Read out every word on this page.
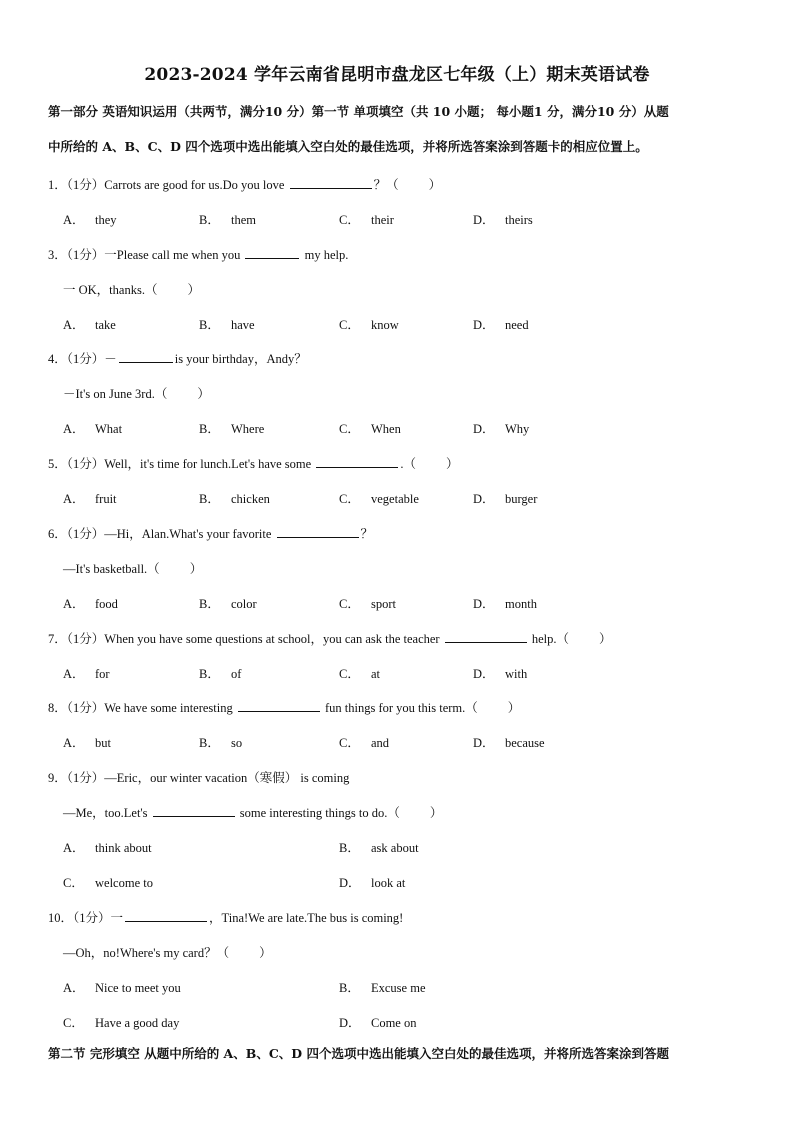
2023-2024 学年云南省昆明市盘龙区七年级（上）期末英语试卷
第一部分 英语知识运用（共两节，满分10 分）第一节 单项填空（共 10 小题； 每小题1 分，满分10 分）从题
中所给的 A、B、C、D 四个选项中选出能填入空白处的最佳选项，并将所选答案涂到答题卡的相应位置上。
1．（1分）Carrots are good for us.Do you love	？（ ）
A． they	B． them	C． their	D． theirs
3．（1分）一Please call me when you	my help.
一 OK，thanks.（ ）
A． take	B． have	C． know	D． need
4．（1分）－	is your birthday，Andy？
－It's on June 3rd.（ ）
A． What	B． Where	C． When	D． Why
5．（1分）Well，it's time for lunch.Let's have some	.（ ）
A． fruit	B． chicken	C． vegetable	D． burger
6．（1分）—Hi，Alan.What's your favorite	？
—It's basketball.（ ）
A． food	B． color	C． sport	D． month
7．（1分）When you have some questions at school，you can ask the teacher	help.（ ）
A． for	B． of	C． at	D． with
8．（1分）We have some interesting	fun things for you this term.（ ）
A． but	B． so	C． and	D． because
9．（1分）—Eric，our winter vacation（寒假） is coming
—Me，too.Let's	some interesting things to do.（ ）
A． think about	B． ask about
C． welcome to	D． look at
10．（1分）一	，Tina!We are late.The bus is coming!
—Oh，no!Where's my card？（ ）
A． Nice to meet you	B． Excuse me
C． Have a good day	D． Come on
第二节 完形填空 从题中所给的 A、B、C、D 四个选项中选出能填入空白处的最佳选项，并将所选答案涂到答题
